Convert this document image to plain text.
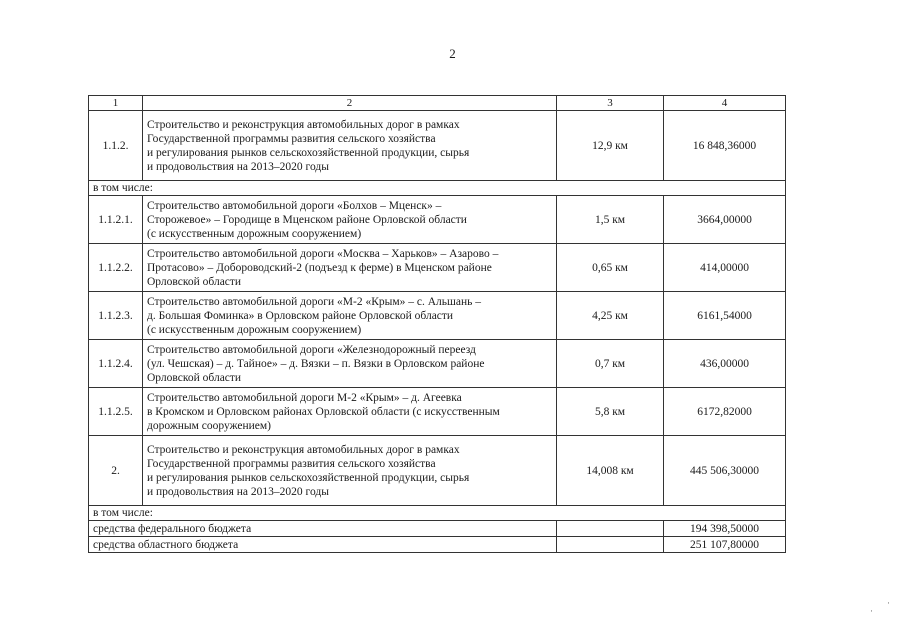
2
1	2	3	4
1.1.2.	Строительство и реконструкция автомобильных дорог в рамках
Государственной программы развития сельского хозяйства
и регулирования рынков сельскохозяйственной продукции, сырья
и продовольствия на 2013–2020 годы	12,9 км	16 848,36000
в том числе:			
1.1.2.1.	Строительство автомобильной дороги «Болхов – Мценск» –
Сторожевое» – Городище в Мценском районе Орловской области
(с искусственным дорожным сооружением)	1,5 км	3664,00000
1.1.2.2.	Строительство автомобильной дороги «Москва – Харьков» – Азарово –
Протасово» – Добороводский-2 (подъезд к ферме) в Мценском районе
Орловской области	0,65 км	414,00000
1.1.2.3.	Строительство автомобильной дороги «М-2 «Крым» – с. Альшань –
д. Большая Фоминка» в Орловском районе Орловской области
(с искусственным дорожным сооружением)	4,25 км	6161,54000
1.1.2.4.	Строительство автомобильной дороги «Железнодорожный переезд
(ул. Чешская) – д. Тайное» – д. Вязки – п. Вязки в Орловском районе
Орловской области	0,7 км	436,00000
1.1.2.5.	Строительство автомобильной дороги М-2 «Крым» – д. Агеевка
в Кромском и Орловском районах Орловской области (с искусственным
дорожным сооружением)	5,8 км	6172,82000
2.	Строительство и реконструкция автомобильных дорог в рамках
Государственной программы развития сельского хозяйства
и регулирования рынков сельскохозяйственной продукции, сырья
и продовольствия на 2013–2020 годы	14,008 км	445 506,30000
в том числе:			
средства федерального бюджета			194 398,50000
средства областного бюджета			251 107,80000
·
·
